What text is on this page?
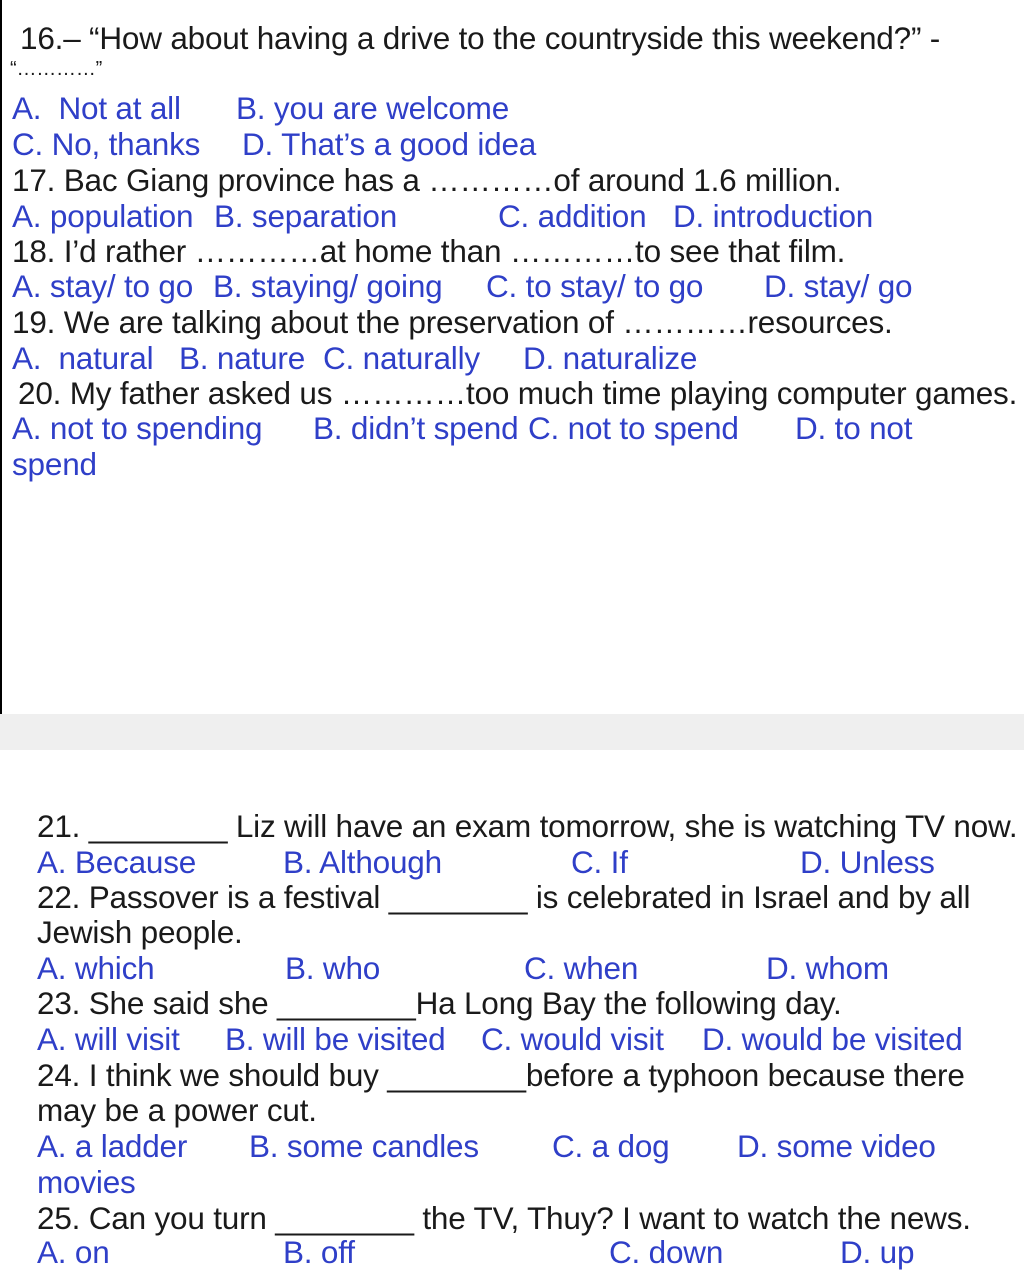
16.– “How about having a drive to the countryside this weekend?” -
“…………”
A.  Not at all B. you are welcome
C. No, thanks D. That’s a good idea
17. Bac Giang province has a …………of around 1.6 million.
A. population B. separation	C. addition D. introduction
18. I’d rather …………at home than …………to see that film.
A. stay/ to go B. staying/ going C. to stay/ to go D. stay/ go
19. We are talking about the preservation of …………resources.
A.  natural B. nature C. naturally D. naturalize
20. My father asked us …………too much time playing computer games.
A. not to spending B. didn’t spend C. not to spend D. to not
spend
21. ________ Liz will have an exam tomorrow, she is watching TV now.
A. Because	B. Although	C. If	D. Unless
22. Passover is a festival ________ is celebrated in Israel and by all
Jewish people.
A. which	B. who	C. when	D. whom
23. She said she ________Ha Long Bay the following day.
A. will visit B. will be visited C. would visit D. would be visited
24. I think we should buy ________before a typhoon because there
may be a power cut.
A. a ladder B. some candles C. a dog D. some video
movies
25. Can you turn ________ the TV, Thuy? I want to watch the news.
A. on	B. off	C. down	D. up
